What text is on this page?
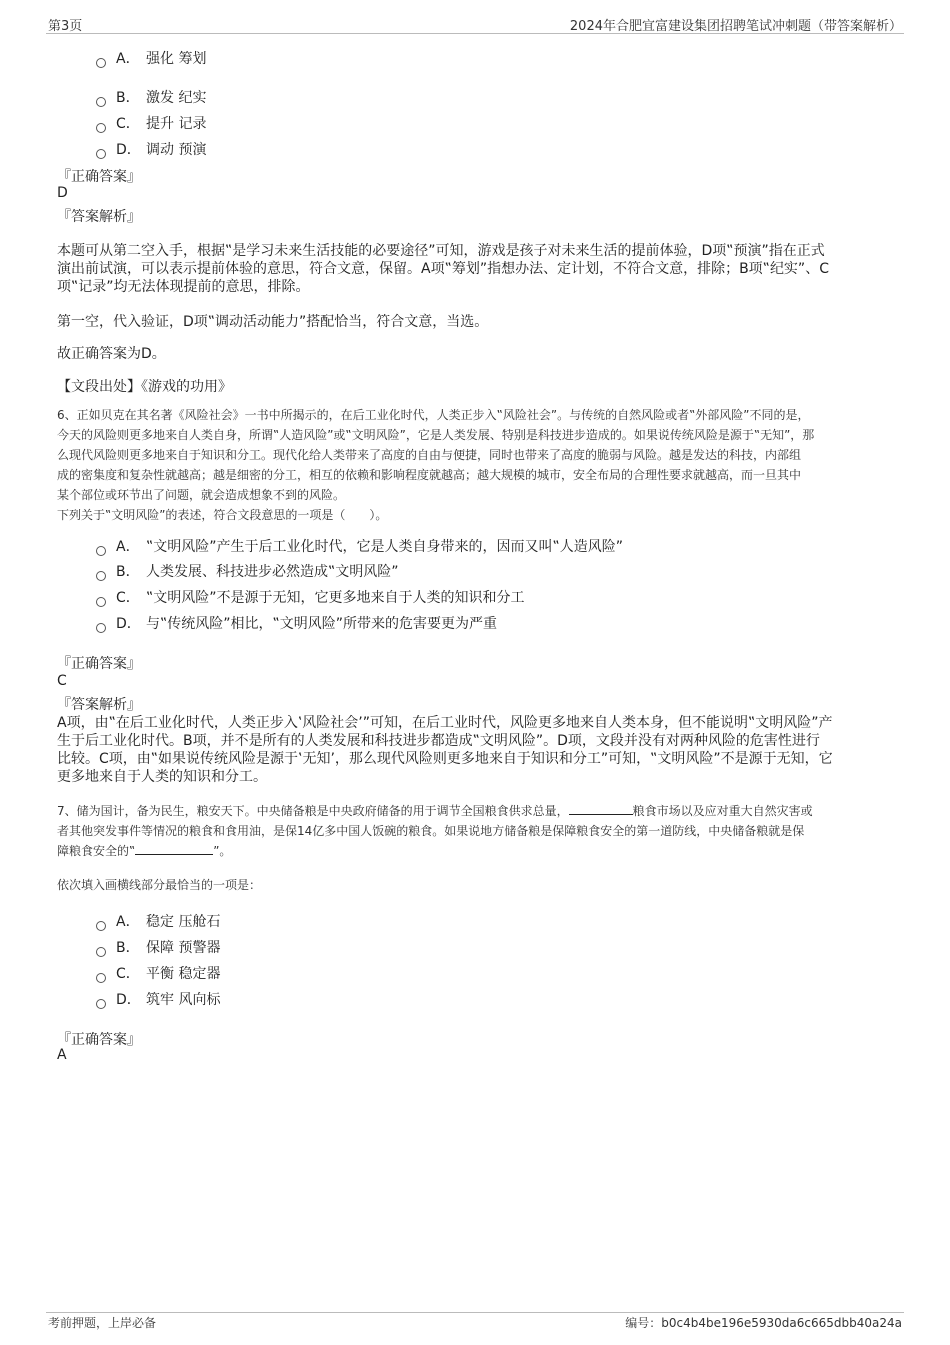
第3页	2024年合肥宜富建设集团招聘笔试冲刺题（带答案解析）
A． 强化 筹划
B． 激发 纪实
C． 提升 记录
D． 调动 预演
『正确答案』
D
『答案解析』
本题可从第二空入手，根据‟是学习未来生活技能的必要途径”可知，游戏是孩子对未来生活的提前体验，D项‟预演”指在正式
演出前试演，可以表示提前体验的意思，符合文意，保留。A项‟筹划”指想办法、定计划，不符合文意，排除；B项‟纪实”、C
项‟记录”均无法体现提前的意思，排除。
第一空，代入验证，D项‟调动活动能力”搭配恰当，符合文意，当选。
故正确答案为D。
【文段出处】《游戏的功用》
6、正如贝克在其名著《风险社会》一书中所揭示的，在后工业化时代，人类正步入‟风险社会”。与传统的自然风险或者‟外部风险”不同的是，
今天的风险则更多地来自人类自身，所谓‟人造风险”或‟文明风险”，它是人类发展、特别是科技进步造成的。如果说传统风险是源于‟无知”，那
么现代风险则更多地来自于知识和分工。现代化给人类带来了高度的自由与便捷，同时也带来了高度的脆弱与风险。越是发达的科技，内部组
成的密集度和复杂性就越高；越是细密的分工，相互的依赖和影响程度就越高；越大规模的城市，安全布局的合理性要求就越高，而一旦其中
某个部位或环节出了问题，就会造成想象不到的风险。
下列关于‟文明风险”的表述，符合文段意思的一项是（　　）。
A． ‟文明风险”产生于后工业化时代，它是人类自身带来的，因而又叫‟人造风险”
B． 人类发展、科技进步必然造成‟文明风险”
C． ‟文明风险”不是源于无知，它更多地来自于人类的知识和分工
D． 与‟传统风险”相比，‟文明风险”所带来的危害要更为严重
『正确答案』
C
『答案解析』
A项，由‟在后工业化时代，人类正步入‛风险社会’”可知，在后工业时代，风险更多地来自人类本身，但不能说明‟文明风险”产
生于后工业化时代。B项，并不是所有的人类发展和科技进步都造成‟文明风险”。D项，文段并没有对两种风险的危害性进行
比较。C项，由‟如果说传统风险是源于‛无知’，那么现代风险则更多地来自于知识和分工”可知，‟文明风险”不是源于无知，它
更多地来自于人类的知识和分工。
7、储为国计，备为民生，粮安天下。中央储备粮是中央政府储备的用于调节全国粮食供求总量，	粮食市场以及应对重大自然灾害或
者其他突发事件等情况的粮食和食用油，是保14亿多中国人饭碗的粮食。如果说地方储备粮是保障粮食安全的第一道防线，中央储备粮就是保
障粮食安全的‟	”。
依次填入画横线部分最恰当的一项是：
A． 稳定 压舱石
B． 保障 预警器
C． 平衡 稳定器
D． 筑牢 风向标
『正确答案』
A
考前押题，上岸必备	编号：b0c4b4be196e5930da6c665dbb40a24a
